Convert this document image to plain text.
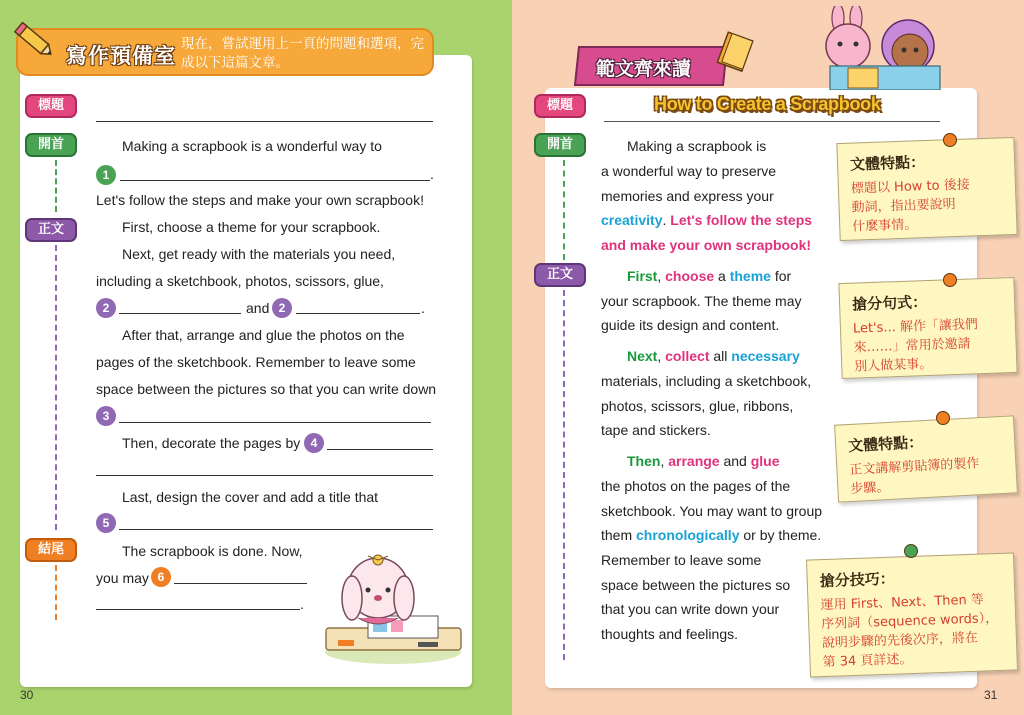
寫作預備室 現在，嘗試運用上一頁的問題和選項，完成以下這篇文章。
標題
開首
正文
結尾
Making a scrapbook is a wonderful way to
1	.
Let's follow the steps and make your own scrapbook!
First, choose a theme for your scrapbook.
Next, get ready with the materials you need,
including a sketchbook, photos, scissors, glue,
2	and 2	.
After that, arrange and glue the photos on the
pages of the sketchbook. Remember to leave some
space between the pictures so that you can write down
3
Then, decorate the pages by 4
Last, design the cover and add a title that
5
The scrapbook is done. Now,
you may 6
.
30
範文齊來讀
標題	How to Create a Scrapbook
開首
正文
Making a scrapbook is
a wonderful way to preserve
memories and express your
creativity. Let's follow the steps
and make your own scrapbook!
First, choose a theme for
your scrapbook. The theme may
guide its design and content.
Next, collect all necessary
materials, including a sketchbook,
photos, scissors, glue, ribbons,
tape and stickers.
Then, arrange and glue
the photos on the pages of the
sketchbook. You may want to group
them chronologically or by theme.
Remember to leave some
space between the pictures so
that you can write down your
thoughts and feelings.
文體特點：
標題以 How to 後接
動詞，指出要說明
什麼事情。
搶分句式：
Let's... 解作「讓我們
來……」常用於邀請
別人做某事。
文體特點：
正文講解剪貼簿的製作
步驟。
搶分技巧：
運用 First、Next、Then 等
序列詞（sequence words），
說明步驟的先後次序，將在
第 34 頁詳述。
31
